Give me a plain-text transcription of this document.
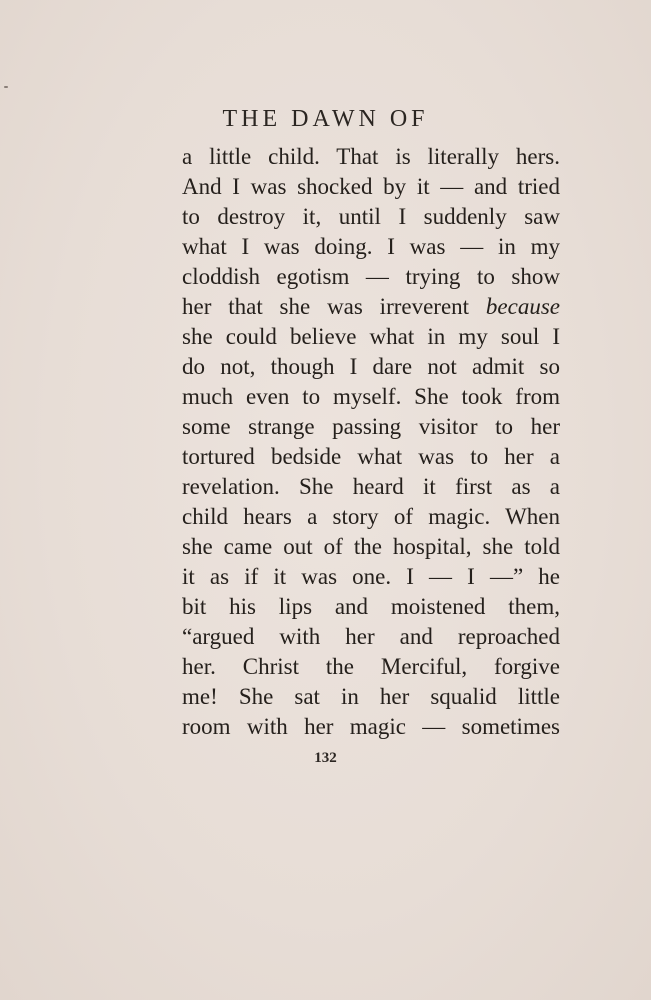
THE DAWN OF
a little child. That is literally hers.
And I was shocked by it — and tried
to destroy it, until I suddenly saw
what I was doing. I was — in my
cloddish egotism — trying to show
her that she was irreverent because
she could believe what in my soul I
do not, though I dare not admit so
much even to myself. She took from
some strange passing visitor to her
tortured bedside what was to her a
revelation. She heard it first as a
child hears a story of magic. When
she came out of the hospital, she told
it as if it was one. I — I —” he
bit his lips and moistened them,
“argued with her and reproached
her. Christ the Merciful, forgive
me! She sat in her squalid little
room with her magic — sometimes
132
